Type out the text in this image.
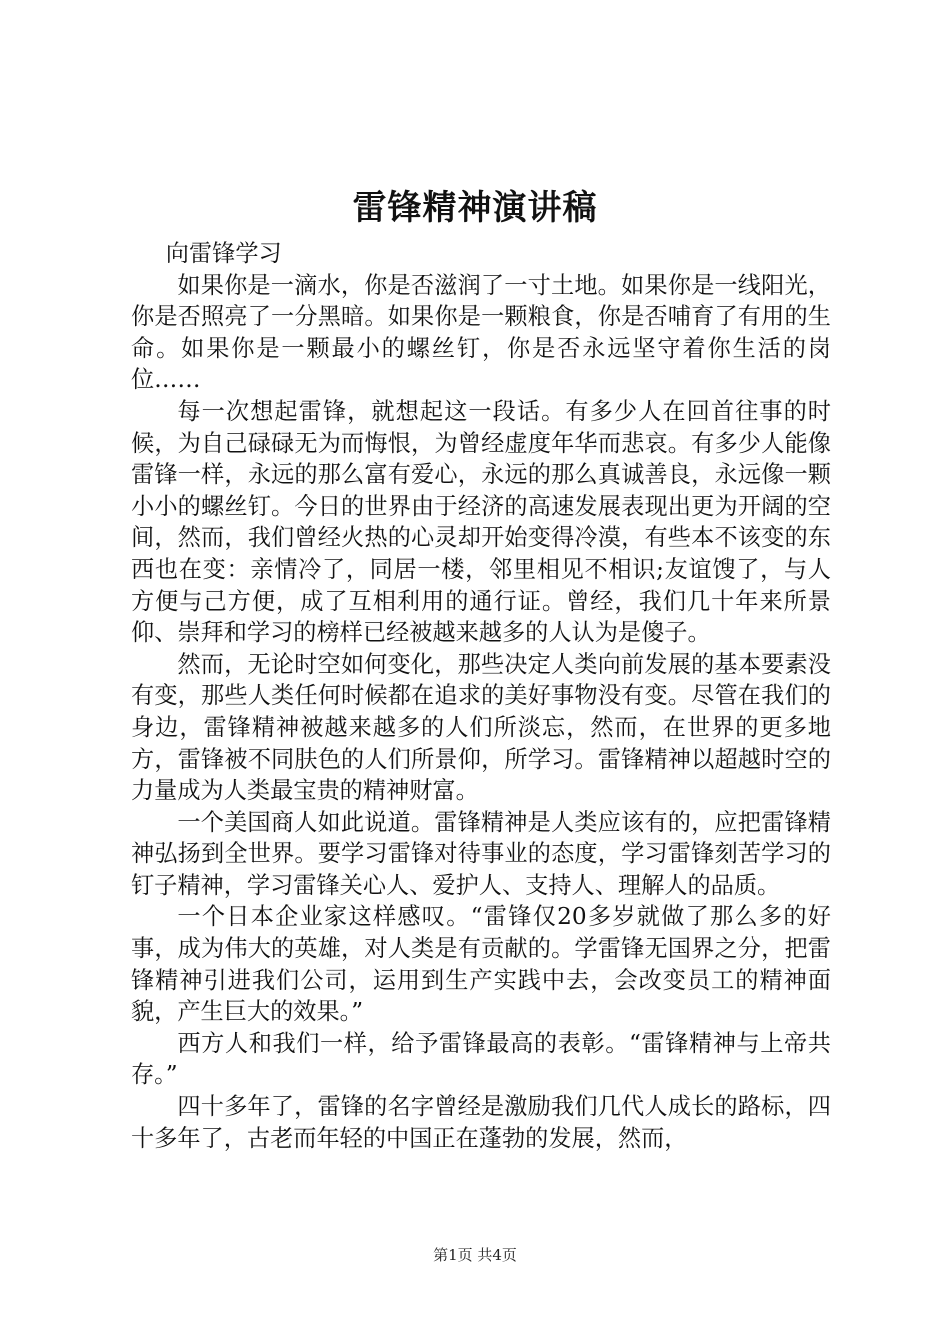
雷锋精神演讲稿

向雷锋学习

如果你是一滴水，你是否滋润了一寸土地。如果你是一线阳光，你是否照亮了一分黑暗。如果你是一颗粮食，你是否哺育了有用的生命。如果你是一颗最小的螺丝钉，你是否永远坚守着你生活的岗位……

每一次想起雷锋，就想起这一段话。有多少人在回首往事的时候，为自己碌碌无为而悔恨，为曾经虚度年华而悲哀。有多少人能像雷锋一样，永远的那么富有爱心，永远的那么真诚善良，永远像一颗小小的螺丝钉。今日的世界由于经济的高速发展表现出更为开阔的空间，然而，我们曾经火热的心灵却开始变得冷漠，有些本不该变的东西也在变：亲情冷了，同居一楼，邻里相见不相识;友谊馊了，与人方便与己方便，成了互相利用的通行证。曾经，我们几十年来所景仰、崇拜和学习的榜样已经被越来越多的人认为是傻子。

然而，无论时空如何变化，那些决定人类向前发展的基本要素没有变，那些人类任何时候都在追求的美好事物没有变。尽管在我们的身边，雷锋精神被越来越多的人们所淡忘，然而，在世界的更多地方，雷锋被不同肤色的人们所景仰，所学习。雷锋精神以超越时空的力量成为人类最宝贵的精神财富。

一个美国商人如此说道。雷锋精神是人类应该有的，应把雷锋精神弘扬到全世界。要学习雷锋对待事业的态度，学习雷锋刻苦学习的钉子精神，学习雷锋关心人、爱护人、支持人、理解人的品质。

一个日本企业家这样感叹。“雷锋仅20多岁就做了那么多的好事，成为伟大的英雄，对人类是有贡献的。学雷锋无国界之分，把雷锋精神引进我们公司，运用到生产实践中去，会改变员工的精神面貌，产生巨大的效果。”

西方人和我们一样，给予雷锋最高的表彰。“雷锋精神与上帝共存。”

四十多年了，雷锋的名字曾经是激励我们几代人成长的路标，四十多年了，古老而年轻的中国正在蓬勃的发展，然而，

第1页 共4页
